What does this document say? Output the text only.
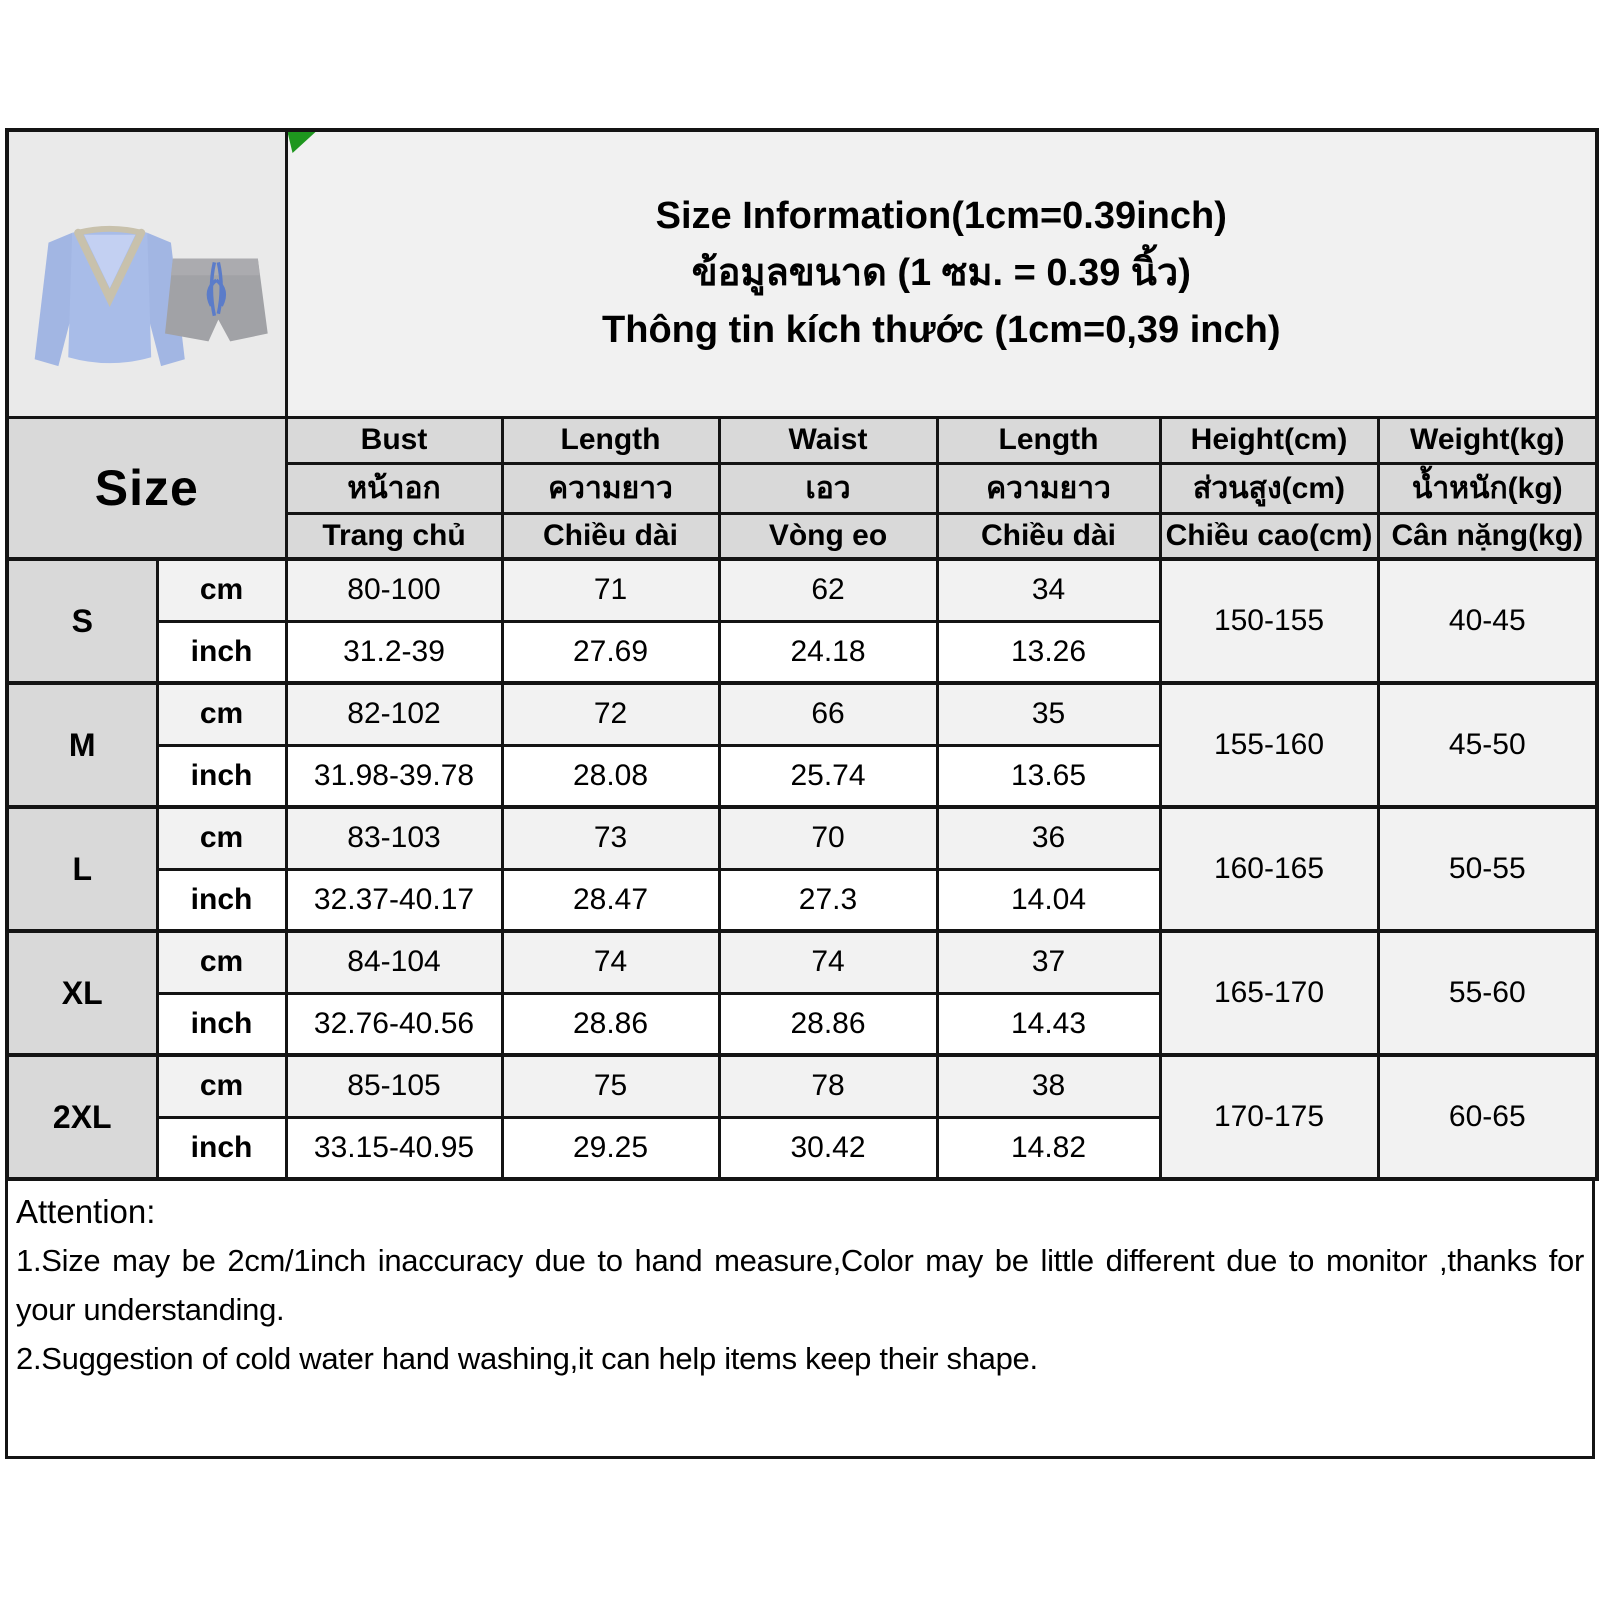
Size Information(1cm=0.39inch)
ข้อมูลขนาด (1 ซม. = 0.39 นิ้ว)
Thông tin kích thước (1cm=0,39 inch)					

Size		Bust	Length	Waist	Length	Height(cm)	Weight(kg)
		หน้าอก	ความยาว	เอว	ความยาว	ส่วนสูง(cm)	น้ำหนัก(kg)
		Trang chủ	Chiều dài	Vòng eo	Chiều dài	Chiều cao(cm)	Cân nặng(kg)
S	cm	80-100	71	62	34	150-155	40-45
	inch	31.2-39	27.69	24.18	13.26		
M	cm	82-102	72	66	35	155-160	45-50
	inch	31.98-39.78	28.08	25.74	13.65		
L	cm	83-103	73	70	36	160-165	50-55
	inch	32.37-40.17	28.47	27.3	14.04		
XL	cm	84-104	74	74	37	165-170	55-60
	inch	32.76-40.56	28.86	28.86	14.43		
2XL	cm	85-105	75	78	38	170-175	60-65
	inch	33.15-40.95	29.25	30.42	14.82		
Attention:
1.Size may be 2cm/1inch inaccuracy due to hand measure,Color may be little different due to monitor ,thanks for your understanding.
2.Suggestion of cold water hand washing,it can help items keep their shape.
